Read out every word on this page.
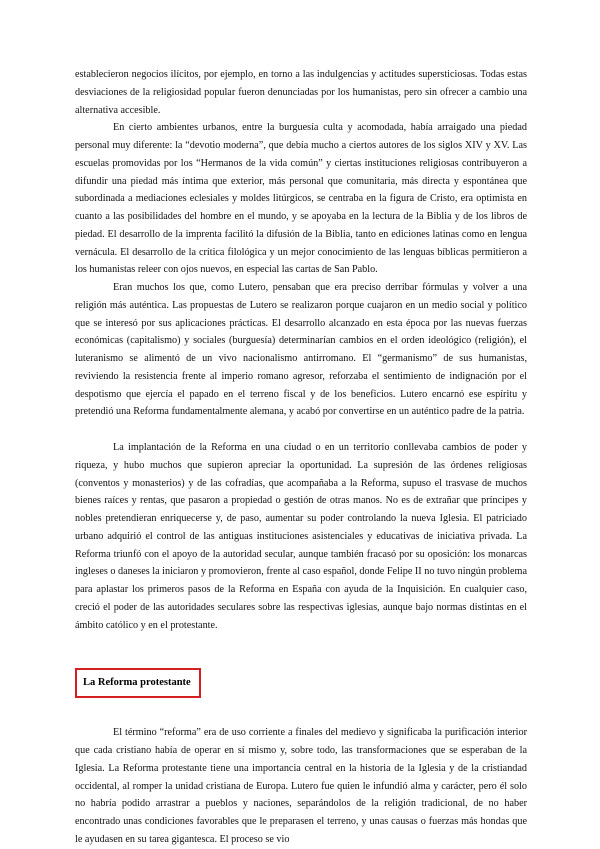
establecieron negocios ilícitos, por ejemplo, en torno a las indulgencias y actitudes supersticiosas. Todas estas desviaciones de la religiosidad popular fueron denunciadas por los humanistas, pero sin ofrecer a cambio una alternativa accesible.

En cierto ambientes urbanos, entre la burguesía culta y acomodada, había arraigado una piedad personal muy diferente: la “devotio moderna”, que debía mucho a ciertos autores de los siglos XIV y XV. Las escuelas promovidas por los “Hermanos de la vida común” y ciertas instituciones religiosas contribuyeron a difundir una piedad más íntima que exterior, más personal que comunitaria, más directa y espontánea que subordinada a mediaciones eclesiales y moldes litúrgicos, se centraba en la figura de Cristo, era optimista en cuanto a las posibilidades del hombre en el mundo, y se apoyaba en la lectura de la Biblia y de los libros de piedad. El desarrollo de la imprenta facilitó la difusión de la Biblia, tanto en ediciones latinas como en lengua vernácula. El desarrollo de la crítica filológica y un mejor conocimiento de las lenguas bíblicas permitieron a los humanistas releer con ojos nuevos, en especial las cartas de San Pablo.

Eran muchos los que, como Lutero, pensaban que era preciso derribar fórmulas y volver a una religión más auténtica. Las propuestas de Lutero se realizaron porque cuajaron en un medio social y político que se interesó por sus aplicaciones prácticas. El desarrollo alcanzado en esta época por las nuevas fuerzas económicas (capitalismo) y sociales (burguesía) determinarían cambios en el orden ideológico (religión), el luteranismo se alimentó de un vivo nacionalismo antirromano. El “germanismo” de sus humanistas, reviviendo la resistencia frente al imperio romano agresor, reforzaba el sentimiento de indignación por el despotismo que ejercía el papado en el terreno fiscal y de los beneficios. Lutero encarnó ese espíritu y pretendió una Reforma fundamentalmente alemana, y acabó por convertirse en un auténtico padre de la patria.

La implantación de la Reforma en una ciudad o en un territorio conllevaba cambios de poder y riqueza, y hubo muchos que supieron apreciar la oportunidad. La supresión de las órdenes religiosas (conventos y monasterios) y de las cofradías, que acompañaba a la Reforma, supuso el trasvase de muchos bienes raíces y rentas, que pasaron a propiedad o gestión de otras manos. No es de extrañar que príncipes y nobles pretendieran enriquecerse y, de paso, aumentar su poder controlando la nueva Iglesia. El patriciado urbano adquirió el control de las antiguas instituciones asistenciales y educativas de iniciativa privada. La Reforma triunfó con el apoyo de la autoridad secular, aunque también fracasó por su oposición: los monarcas ingleses o daneses la iniciaron y promovieron, frente al caso español, donde Felipe II no tuvo ningún problema para aplastar los primeros pasos de la Reforma en España con ayuda de la Inquisición. En cualquier caso, creció el poder de las autoridades seculares sobre las respectivas iglesias, aunque bajo normas distintas en el ámbito católico y en el protestante.

La Reforma protestante

El término “reforma” era de uso corriente a finales del medievo y significaba la purificación interior que cada cristiano había de operar en sí mismo y, sobre todo, las transformaciones que se esperaban de la Iglesia. La Reforma protestante tiene una importancia central en la historia de la Iglesia y de la cristiandad occidental, al romper la unidad cristiana de Europa. Lutero fue quien le infundió alma y carácter, pero él solo no habría podido arrastrar a pueblos y naciones, separándolos de la religión tradicional, de no haber encontrado unas condiciones favorables que le preparasen el terreno, y unas causas o fuerzas más hondas que le ayudasen en su tarea gigantesca. El proceso se vio
